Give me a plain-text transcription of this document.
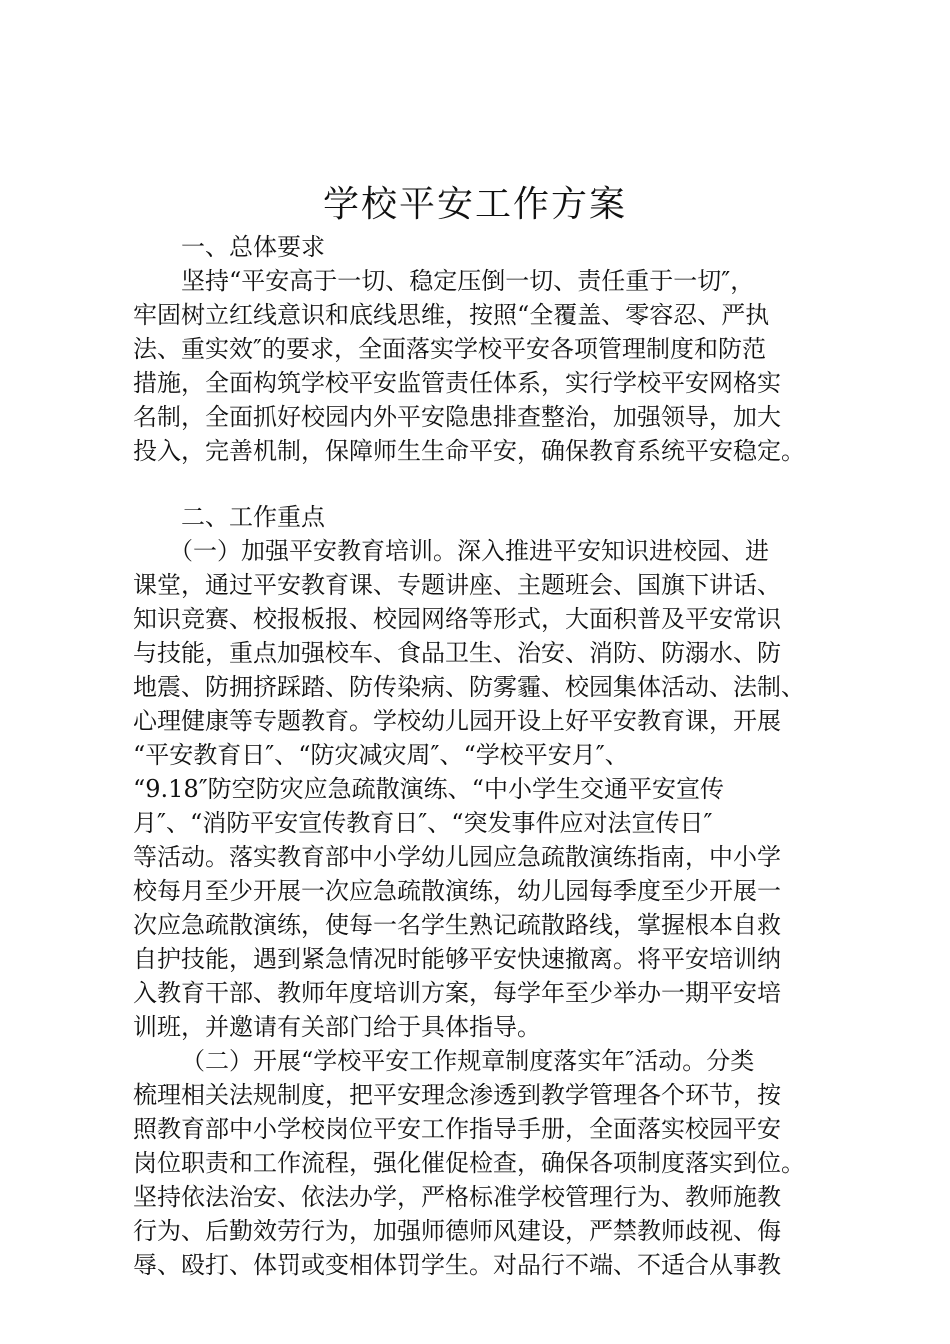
学校平安工作方案
一、总体要求
坚持“平安高于一切、稳定压倒一切、责任重于一切″，
牢固树立红线意识和底线思维，按照“全覆盖、零容忍、严执
法、重实效″的要求，全面落实学校平安各项管理制度和防范
措施，全面构筑学校平安监管责任体系，实行学校平安网格实
名制，全面抓好校园内外平安隐患排查整治，加强领导，加大
投入，完善机制，保障师生生命平安，确保教育系统平安稳定。
二、工作重点
（一）加强平安教育培训。深入推进平安知识进校园、进
课堂，通过平安教育课、专题讲座、主题班会、国旗下讲话、
知识竞赛、校报板报、校园网络等形式，大面积普及平安常识
与技能，重点加强校车、食品卫生、治安、消防、防溺水、防
地震、防拥挤踩踏、防传染病、防雾霾、校园集体活动、法制、
心理健康等专题教育。学校幼儿园开设上好平安教育课，开展
“平安教育日″、“防灾减灾周″、“学校平安月″、
“9.18″防空防灾应急疏散演练、“中小学生交通平安宣传
月″、“消防平安宣传教育日″、“突发事件应对法宣传日″
等活动。落实教育部中小学幼儿园应急疏散演练指南，中小学
校每月至少开展一次应急疏散演练，幼儿园每季度至少开展一
次应急疏散演练，使每一名学生熟记疏散路线，掌握根本自救
自护技能，遇到紧急情况时能够平安快速撤离。将平安培训纳
入教育干部、教师年度培训方案，每学年至少举办一期平安培
训班，并邀请有关部门给于具体指导。
（二）开展“学校平安工作规章制度落实年″活动。分类
梳理相关法规制度，把平安理念渗透到教学管理各个环节，按
照教育部中小学校岗位平安工作指导手册，全面落实校园平安
岗位职责和工作流程，强化催促检查，确保各项制度落实到位。
坚持依法治安、依法办学，严格标准学校管理行为、教师施教
行为、后勤效劳行为，加强师德师风建设，严禁教师歧视、侮
辱、殴打、体罚或变相体罚学生。对品行不端、不适合从事教
